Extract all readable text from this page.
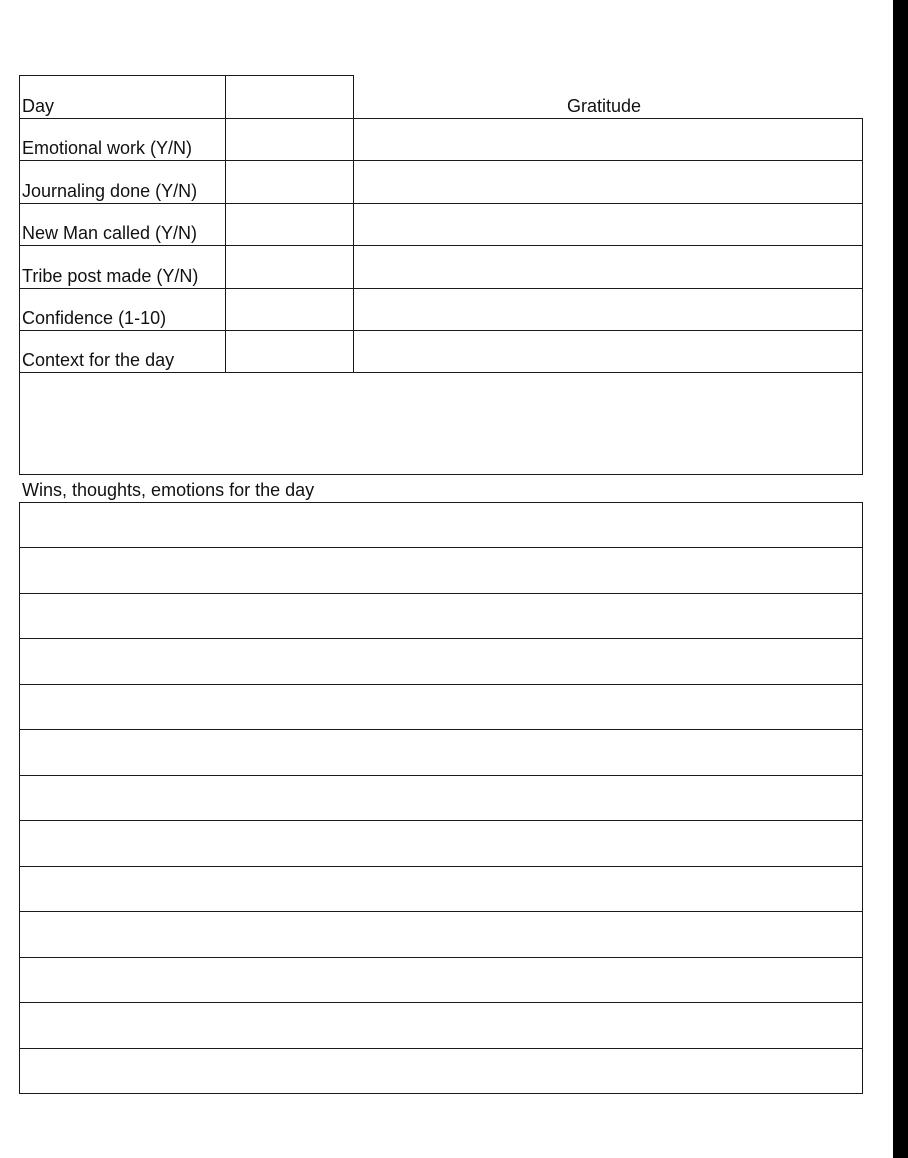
Day	Gratitude
Emotional work (Y/N)
Journaling done (Y/N)
New Man called (Y/N)
Tribe post made (Y/N)
Confidence (1-10)
Context for the day
Wins, thoughts, emotions for the day
